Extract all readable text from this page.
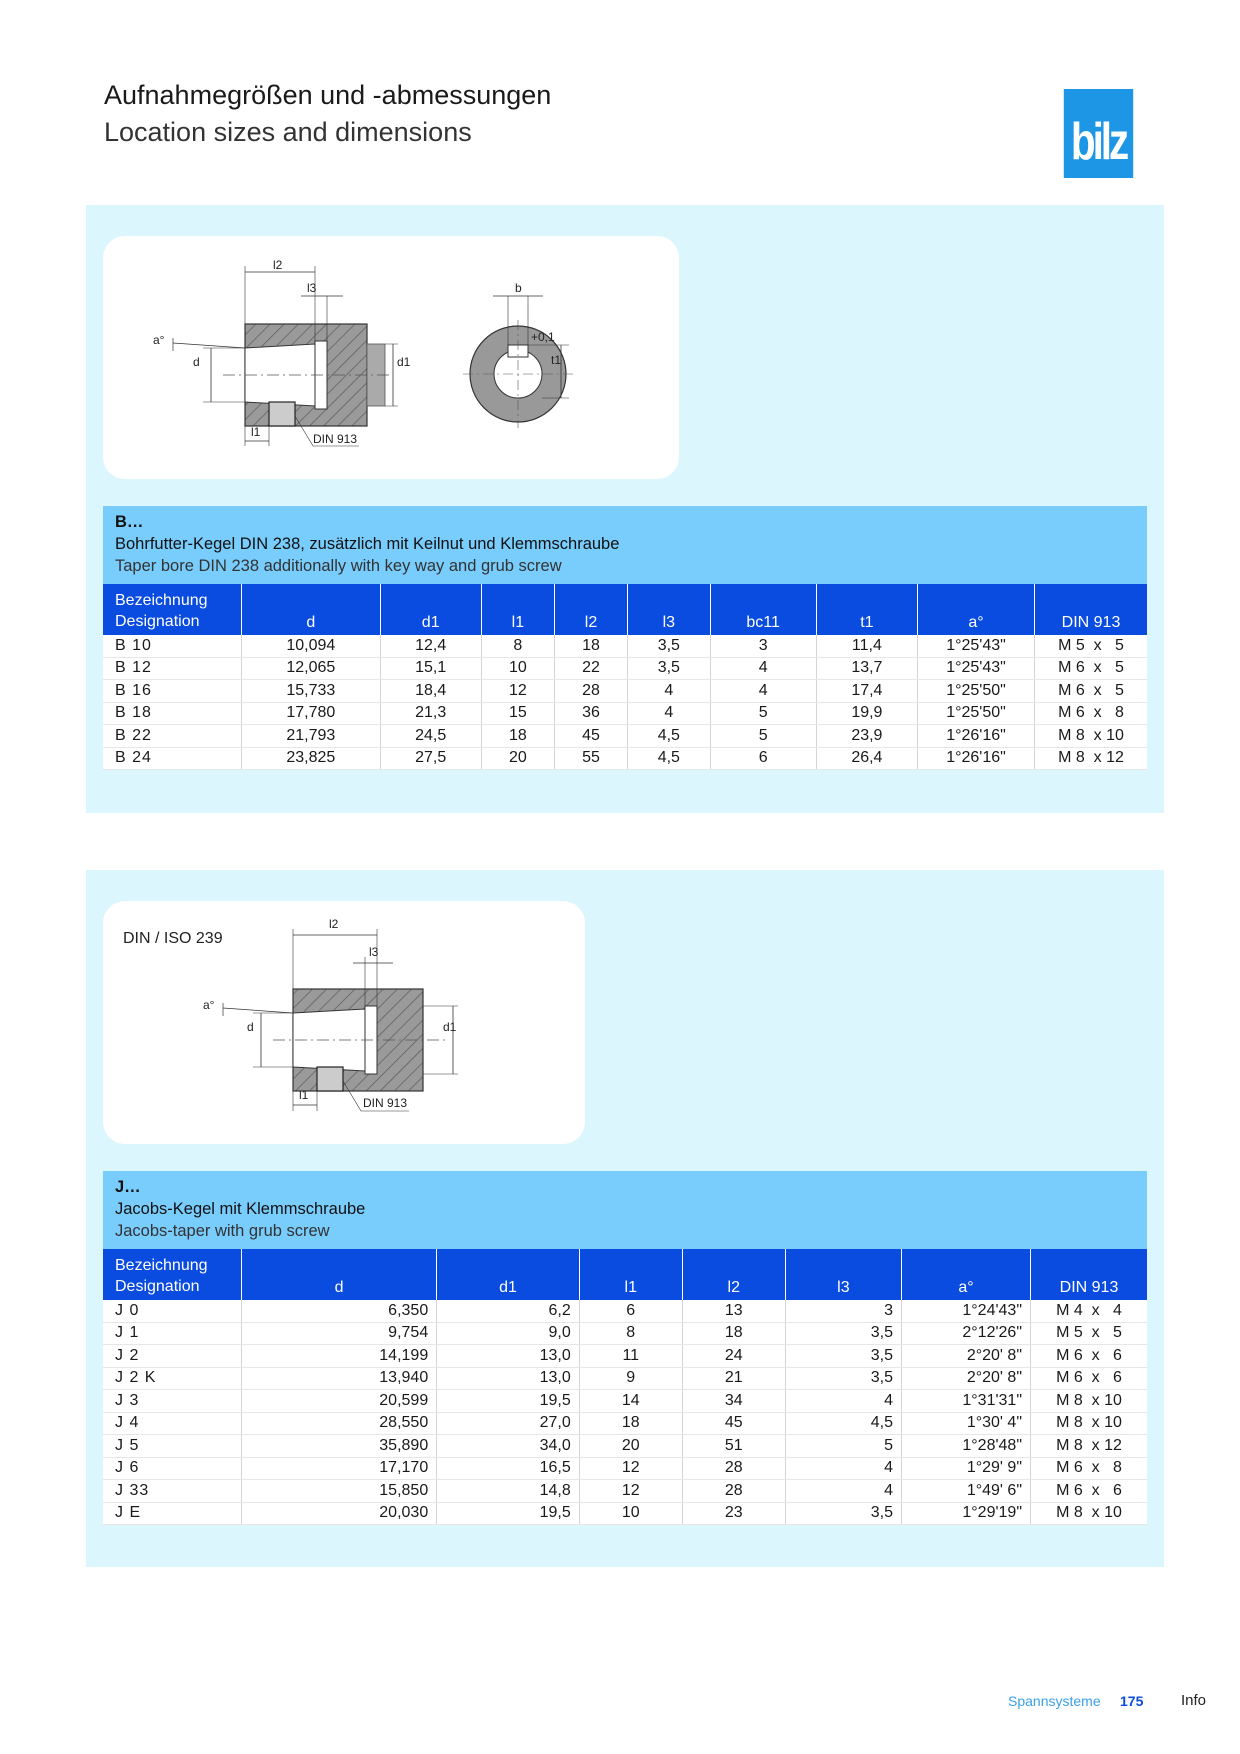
Aufnahmegrößen und -abmessungen
Location sizes and dimensions	bilz
l2
l3
a°
d	d1
l1	DIN 913
b
+0,1
t1
B…
Bohrfutter-Kegel DIN 238, zusätzlich mit Keilnut und Klemmschraube
Taper bore DIN 238 additionally with key way and grub screw
Bezeichnung
Designation	d	d1	l1	l2	l3	bc11	t1	a°	DIN 913
B 10	10,094	12,4	8	18	3,5	3	11,4	1°25'43"	M 5  x   5
B 12	12,065	15,1	10	22	3,5	4	13,7	1°25'43"	M 6  x   5
B 16	15,733	18,4	12	28	4	4	17,4	1°25'50"	M 6  x   5
B 18	17,780	21,3	15	36	4	5	19,9	1°25'50"	M 6  x   8
B 22	21,793	24,5	18	45	4,5	5	23,9	1°26'16"	M 8  x 10
B 24	23,825	27,5	20	55	4,5	6	26,4	1°26'16"	M 8  x 12
DIN / ISO 239
l2
l3
a°
d	d1
l1
DIN 913
J…
Jacobs-Kegel mit Klemmschraube
Jacobs-taper with grub screw
Bezeichnung
Designation	d	d1	l1	l2	l3	a°	DIN 913
J 0	6,350	6,2	6	13	3	1°24'43"	M 4  x   4
J 1	9,754	9,0	8	18	3,5	2°12'26"	M 5  x   5
J 2	14,199	13,0	11	24	3,5	2°20' 8"	M 6  x   6
J 2 K	13,940	13,0	9	21	3,5	2°20' 8"	M 6  x   6
J 3	20,599	19,5	14	34	4	1°31'31"	M 8  x 10
J 4	28,550	27,0	18	45	4,5	1°30' 4"	M 8  x 10
J 5	35,890	34,0	20	51	5	1°28'48"	M 8  x 12
J 6	17,170	16,5	12	28	4	1°29' 9"	M 6  x   8
J 33	15,850	14,8	12	28	4	1°49' 6"	M 6  x   6
J E	20,030	19,5	10	23	3,5	1°29'19"	M 8  x 10
Spannsysteme 175	Info
